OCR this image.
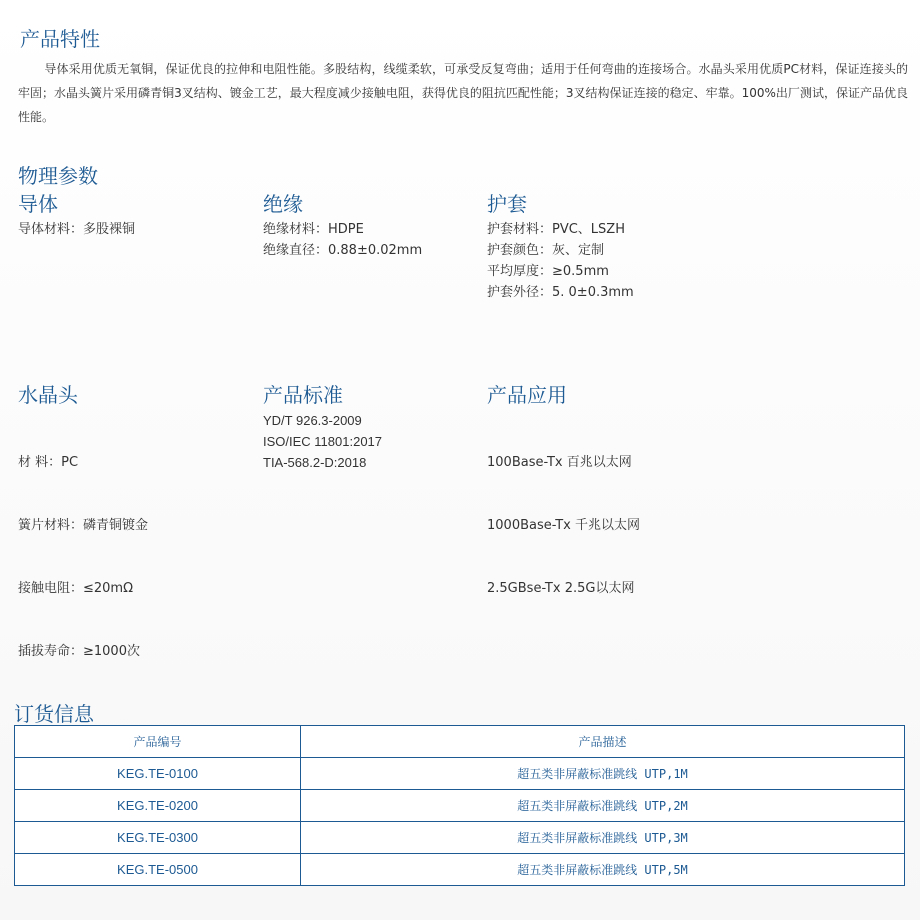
产品特性
导体采用优质无氧铜，保证优良的拉伸和电阻性能。多股结构，线缆柔软，可承受反复弯曲；适用于任何弯曲的连接场合。水晶头采用优质PC材料，保证连接头的牢固；水晶头簧片采用磷青铜3叉结构、镀金工艺，最大程度减少接触电阻，获得优良的阻抗匹配性能；3叉结构保证连接的稳定、牢靠。100%出厂测试，保证产品优良性能。
物理参数
导体
导体材料：多股裸铜
绝缘
绝缘材料：HDPE
绝缘直径：0.88±0.02mm
护套
护套材料：PVC、LSZH
护套颜色：灰、定制
平均厚度：≥0.5mm
护套外径：5. 0±0.3mm
水晶头

材 料：PC

簧片材料：磷青铜镀金

接触电阻：≤20mΩ

插拔寿命：≥1000次

产品标准
YD/T 926.3-2009
ISO/IEC 11801:2017
TIA-568.2-D:2018
产品应用

100Base-Tx 百兆以太网

1000Base-Tx 千兆以太网

2.5GBse-Tx 2.5G以太网

订货信息
产品编号	产品描述
KEG.TE-0100	超五类非屏蔽标准跳线 UTP,1M
KEG.TE-0200	超五类非屏蔽标准跳线 UTP,2M
KEG.TE-0300	超五类非屏蔽标准跳线 UTP,3M
KEG.TE-0500	超五类非屏蔽标准跳线 UTP,5M
